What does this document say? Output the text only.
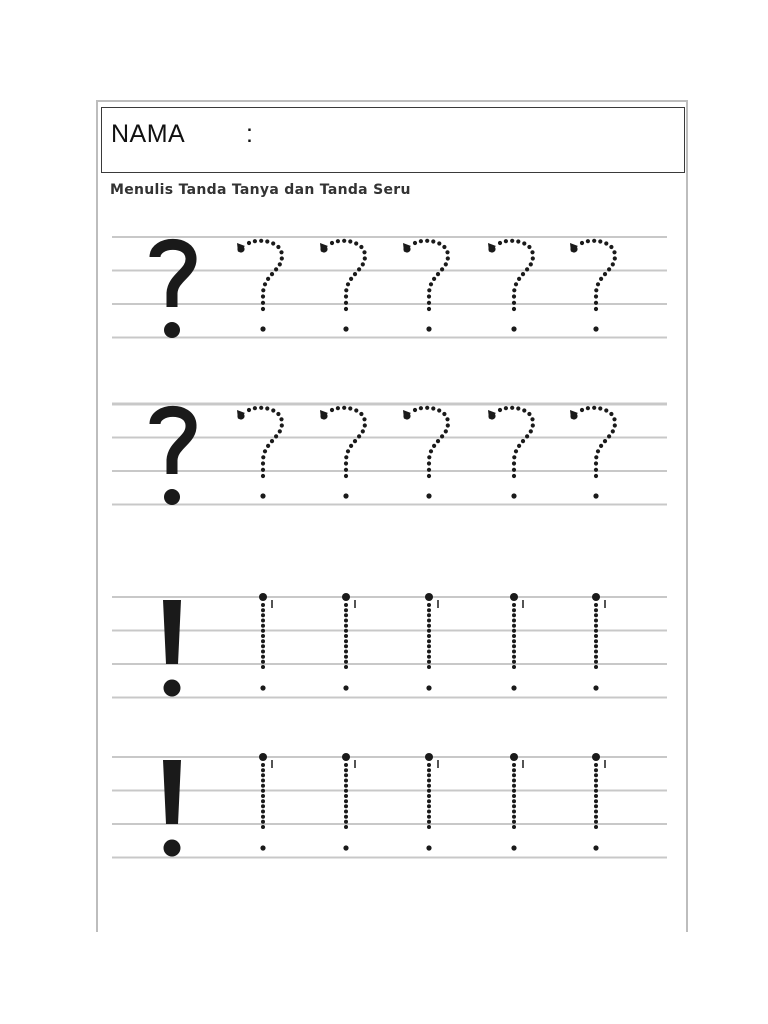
NAMA :
Menulis Tanda Tanya dan Tanda Seru
